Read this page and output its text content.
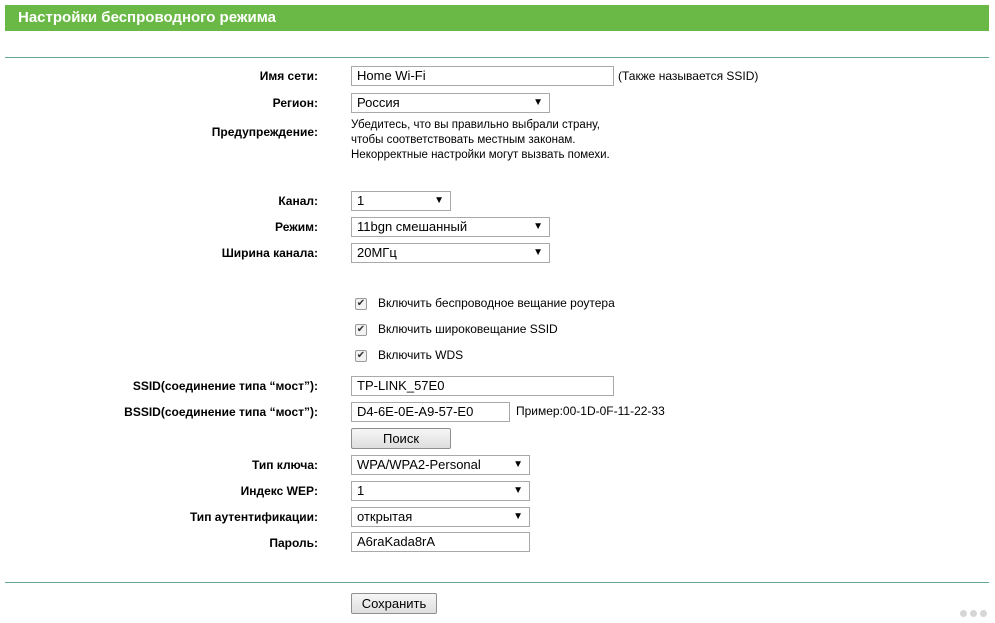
Настройки беспроводного режима
Имя сети:	Home Wi-Fi	(Также называется SSID)
Регион:	Россия	▼
Предупреждение:	Убедитесь, что вы правильно выбрали страну,
чтобы соответствовать местным законам.
Некорректные настройки могут вызвать помехи.
Канал:	1	▼
Режим:	11bgn смешанный	▼
Ширина канала:	20МГц	▼
✔ Включить беспроводное вещание роутера
✔ Включить широковещание SSID
✔ Включить WDS
SSID(соединение типа “мост”):	TP-LINK_57E0
BSSID(соединение типа “мост”):	D4-6E-0E-A9-57-E0	Пример:00-1D-0F-11-22-33
Поиск
Тип ключа:	WPA/WPA2-Personal	▼
Индекс WEP:	1	▼
Тип аутентификации:	открытая	▼
Пароль:	A6raKada8rA
Сохранить
